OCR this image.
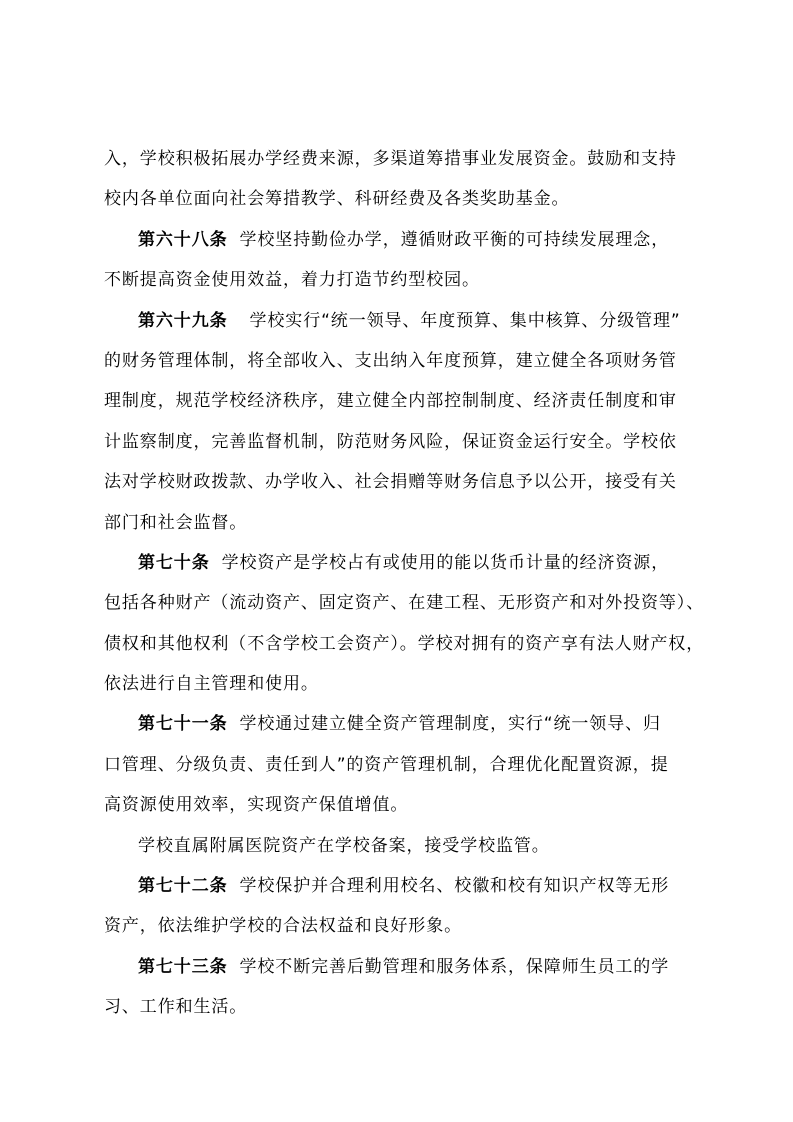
入，学校积极拓展办学经费来源，多渠道筹措事业发展资金。鼓励和支持
校内各单位面向社会筹措教学、科研经费及各类奖助基金。
第六十八条 学校坚持勤俭办学，遵循财政平衡的可持续发展理念，
不断提高资金使用效益，着力打造节约型校园。
第六十九条 学校实行“统一领导、年度预算、集中核算、分级管理”
的财务管理体制，将全部收入、支出纳入年度预算，建立健全各项财务管
理制度，规范学校经济秩序，建立健全内部控制制度、经济责任制度和审
计监察制度，完善监督机制，防范财务风险，保证资金运行安全。学校依
法对学校财政拨款、办学收入、社会捐赠等财务信息予以公开，接受有关
部门和社会监督。
第七十条 学校资产是学校占有或使用的能以货币计量的经济资源，
包括各种财产（流动资产、固定资产、在建工程、无形资产和对外投资等）、
债权和其他权利（不含学校工会资产）。学校对拥有的资产享有法人财产权，
依法进行自主管理和使用。
第七十一条 学校通过建立健全资产管理制度，实行“统一领导、归
口管理、分级负责、责任到人”的资产管理机制，合理优化配置资源，提
高资源使用效率，实现资产保值增值。
学校直属附属医院资产在学校备案，接受学校监管。
第七十二条 学校保护并合理利用校名、校徽和校有知识产权等无形
资产，依法维护学校的合法权益和良好形象。
第七十三条 学校不断完善后勤管理和服务体系，保障师生员工的学
习、工作和生活。
